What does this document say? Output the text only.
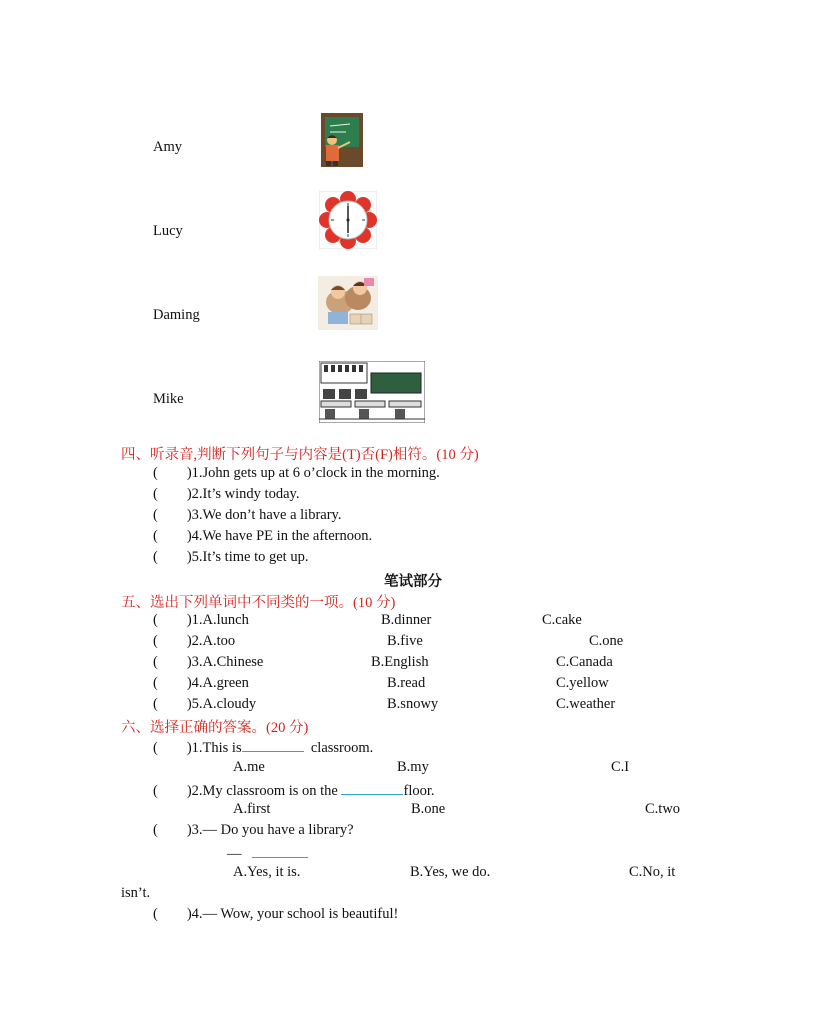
Amy
Lucy
Daming
Mike
四、听录音,判断下列句子与内容是(T)否(F)相符。(10 分)
(        )1.John gets up at 6 o’clock in the morning.
(        )2.It’s windy today.
(        )3.We don’t have a library.
(        )4.We have PE in the afternoon.
(        )5.It’s time to get up.
笔试部分
五、选出下列单词中不同类的一项。(10 分)
(        )1.A.lunch	B.dinner	C.cake
(        )2.A.too	B.five	C.one
(        )3.A.Chinese	B.English	C.Canada
(        )4.A.green	B.read	C.yellow
(        )5.A.cloudy	B.snowy	C.weather
六、选择正确的答案。(20 分)
(        )1.This is	classroom.
A.me	B.my	C.I
(        )2.My classroom is on the	floor.
A.first	B.one	C.two
(        )3.— Do you have a library?
—
A.Yes, it is.	B.Yes, we do.	C.No, it
isn’t.
(        )4.— Wow, your school is beautiful!
